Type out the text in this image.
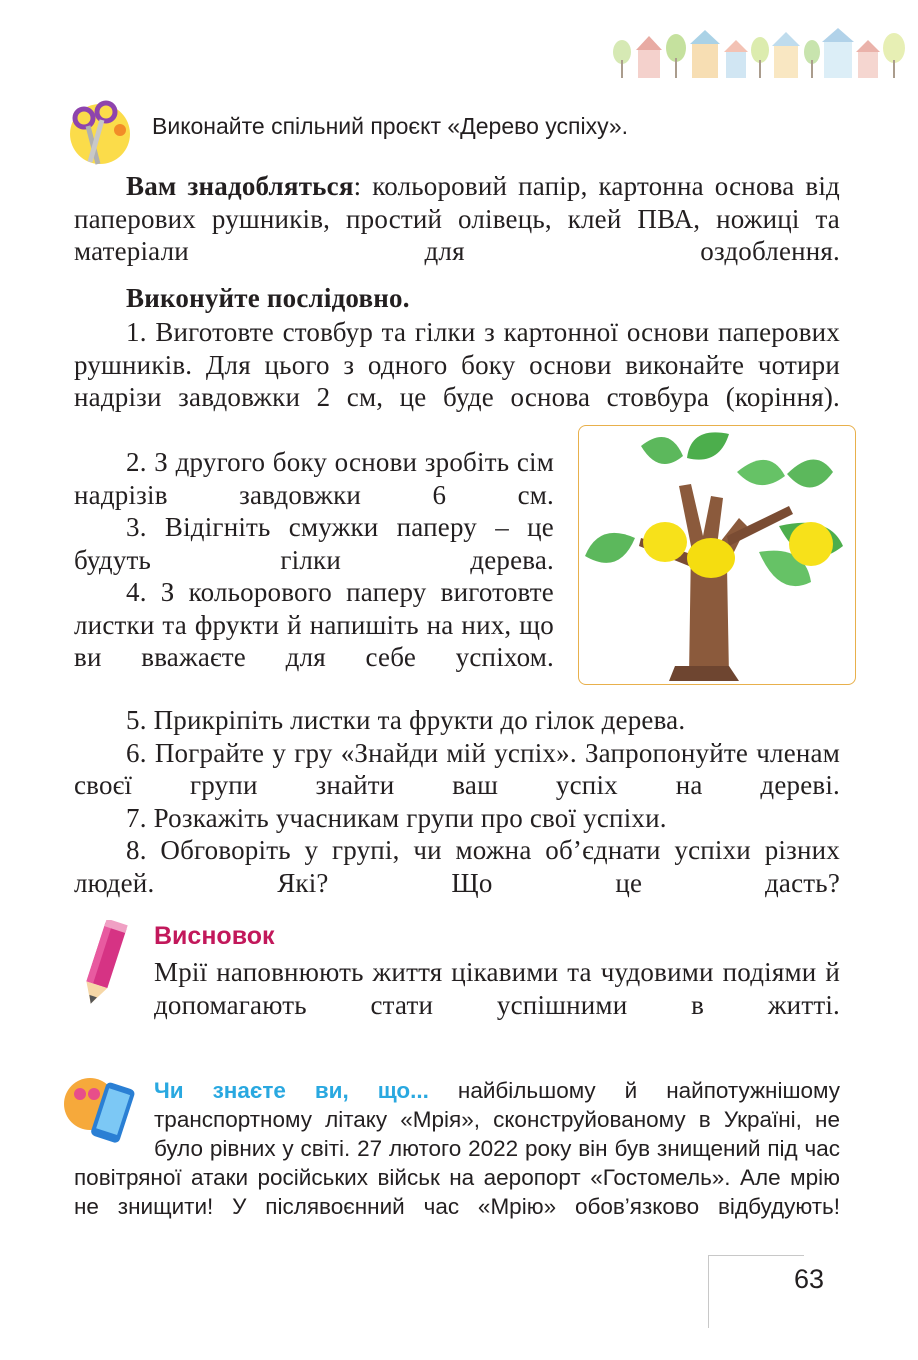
Виконайте спільний проєкт «Дерево успіху».

Вам знадобляться: кольоровий папір, картонна основа від паперових рушників, простий олівець, клей ПВА, ножиці та матеріали для оздоблення.

Виконуйте послідовно.

1. Виготовте стовбур та гілки з картонної основи паперових рушників. Для цього з одного боку основи виконайте чотири надрізи завдовжки 2 см, це буде основа стовбура (коріння).

2. З другого боку основи зробіть сім надрізів завдовжки 6 см.

3. Відігніть смужки паперу – це будуть гілки дерева.

4. З кольорового паперу виготовте листки та фрукти й напишіть на них, що ви вважаєте для себе успіхом.

5. Прикріпіть листки та фрукти до гілок дерева.

6. Пограйте у гру «Знайди мій успіх». Запропонуйте членам своєї групи знайти ваш успіх на дереві.

7. Розкажіть учасникам групи про свої успіхи.

8. Обговоріть у групі, чи можна об’єднати успіхи різних людей. Які? Що це дасть?

Висновок

Мрії наповнюють життя цікавими та чудовими подіями й допомагають стати успішними в житті.

Чи знаєте ви, що... найбільшому й найпотужнішому транспортному літаку «Мрія», сконструйованому в Україні, не було рівних у світі. 27 лютого 2022 року він був знищений під час повітряної атаки російських військ на аеропорт «Гостомель». Але мрію не знищити! У післявоєнний час «Мрію» обов’язково відбудують!

63
